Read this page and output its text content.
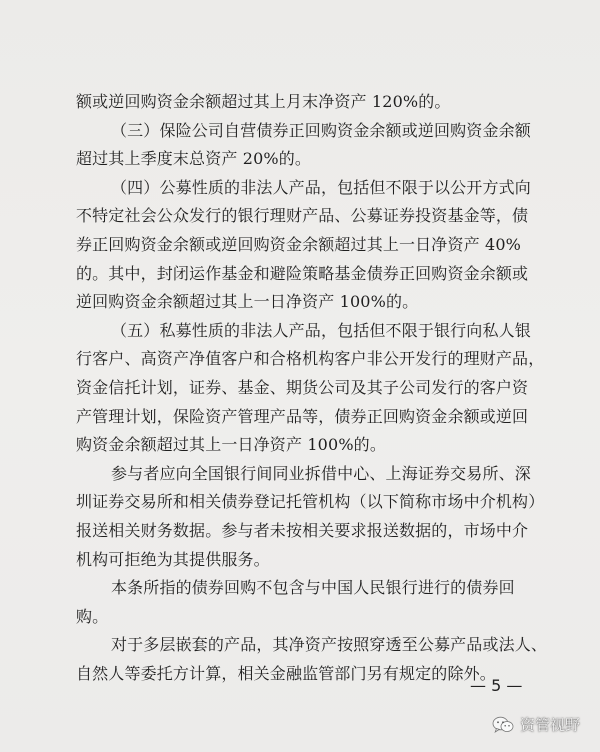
额或逆回购资金余额超过其上月末净资产 120%的。
（三）保险公司自营债券正回购资金余额或逆回购资金余额
超过其上季度末总资产 20%的。
（四）公募性质的非法人产品，包括但不限于以公开方式向
不特定社会公众发行的银行理财产品、公募证券投资基金等，债
券正回购资金余额或逆回购资金余额超过其上一日净资产 40%
的。其中，封闭运作基金和避险策略基金债券正回购资金余额或
逆回购资金余额超过其上一日净资产 100%的。
（五）私募性质的非法人产品，包括但不限于银行向私人银
行客户、高资产净值客户和合格机构客户非公开发行的理财产品，
资金信托计划，证券、基金、期货公司及其子公司发行的客户资
产管理计划，保险资产管理产品等，债券正回购资金余额或逆回
购资金余额超过其上一日净资产 100%的。
参与者应向全国银行间同业拆借中心、上海证券交易所、深
圳证券交易所和相关债券登记托管机构（以下简称市场中介机构）
报送相关财务数据。参与者未按相关要求报送数据的，市场中介
机构可拒绝为其提供服务。
本条所指的债券回购不包含与中国人民银行进行的债券回
购。
对于多层嵌套的产品，其净资产按照穿透至公募产品或法人、
自然人等委托方计算，相关金融监管部门另有规定的除外。
— 5 —
资管视野
